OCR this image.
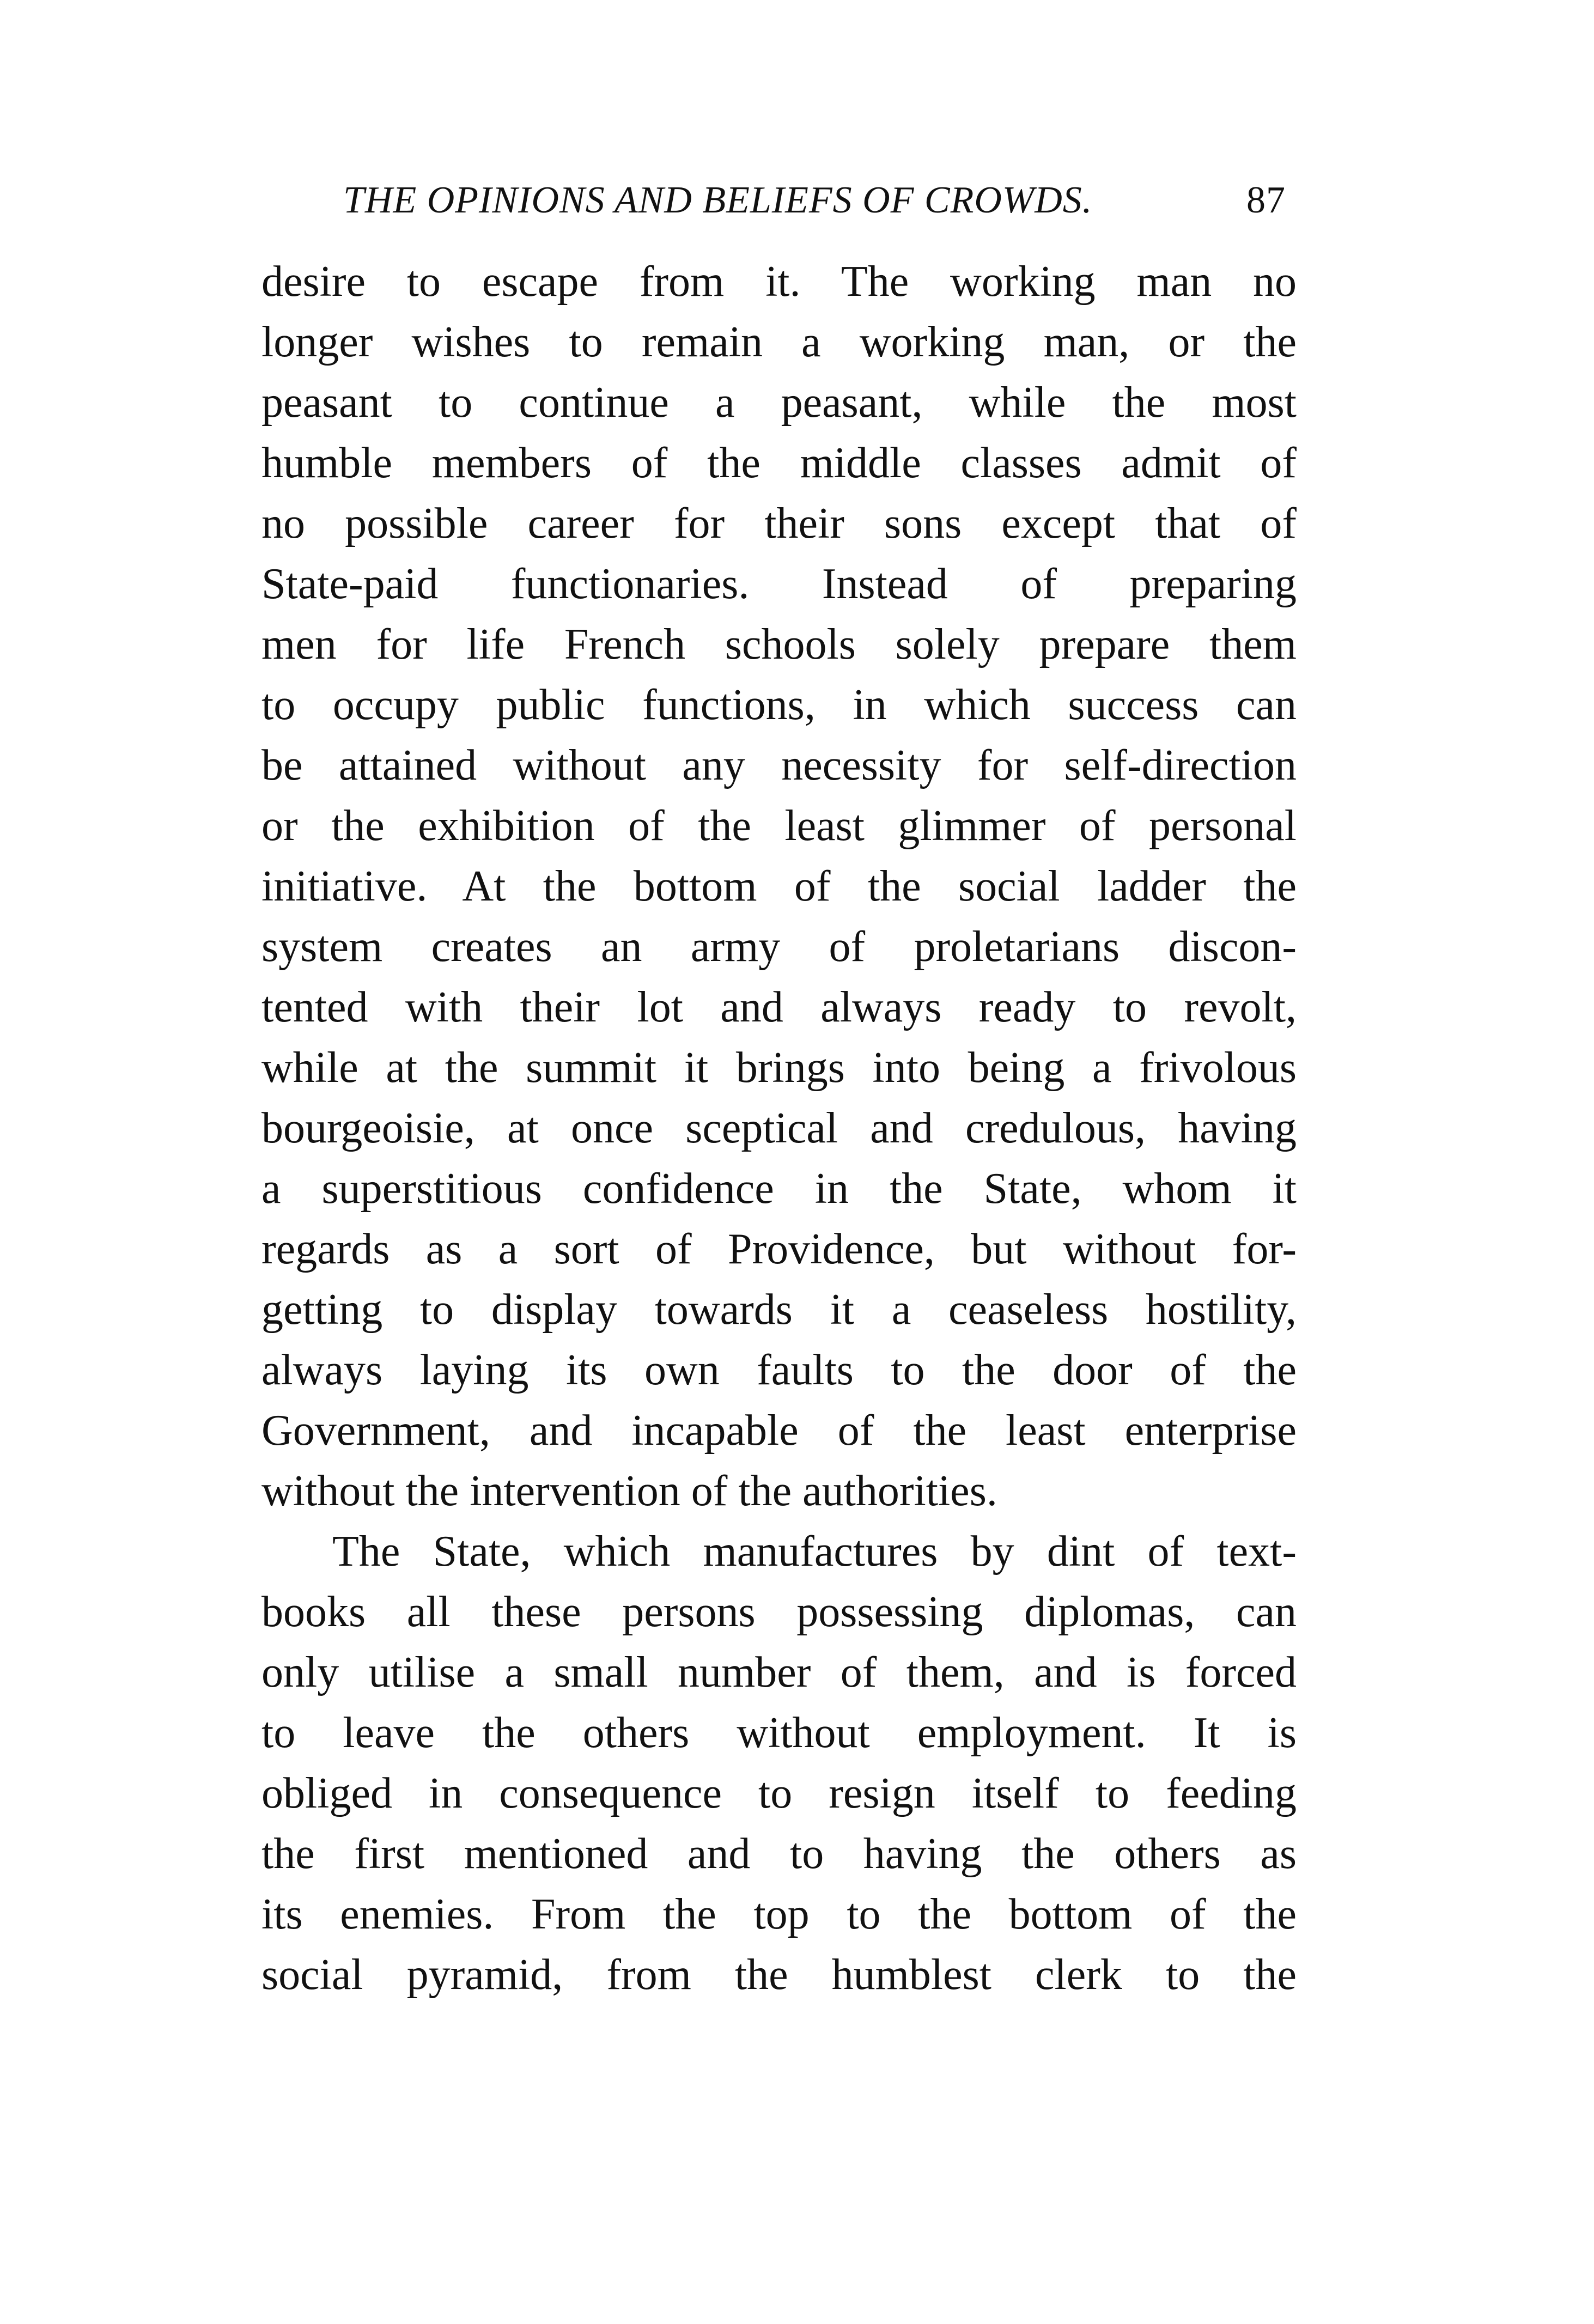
THE OPINIONS AND BELIEFS OF CROWDS.	87
desire to escape from it. The working man no
longer wishes to remain a working man, or the
peasant to continue a peasant, while the most
humble members of the middle classes admit of
no possible career for their sons except that of
State-paid functionaries. Instead of preparing
men for life French schools solely prepare them
to occupy public functions, in which success can
be attained without any necessity for self-direction
or the exhibition of the least glimmer of personal
initiative. At the bottom of the social ladder the
system creates an army of proletarians discon-
tented with their lot and always ready to revolt,
while at the summit it brings into being a frivolous
bourgeoisie, at once sceptical and credulous, having
a superstitious confidence in the State, whom it
regards as a sort of Providence, but without for-
getting to display towards it a ceaseless hostility,
always laying its own faults to the door of the
Government, and incapable of the least enterprise
without the intervention of the authorities.
The State, which manufactures by dint of text-
books all these persons possessing diplomas, can
only utilise a small number of them, and is forced
to leave the others without employment. It is
obliged in consequence to resign itself to feeding
the first mentioned and to having the others as
its enemies. From the top to the bottom of the
social pyramid, from the humblest clerk to the
